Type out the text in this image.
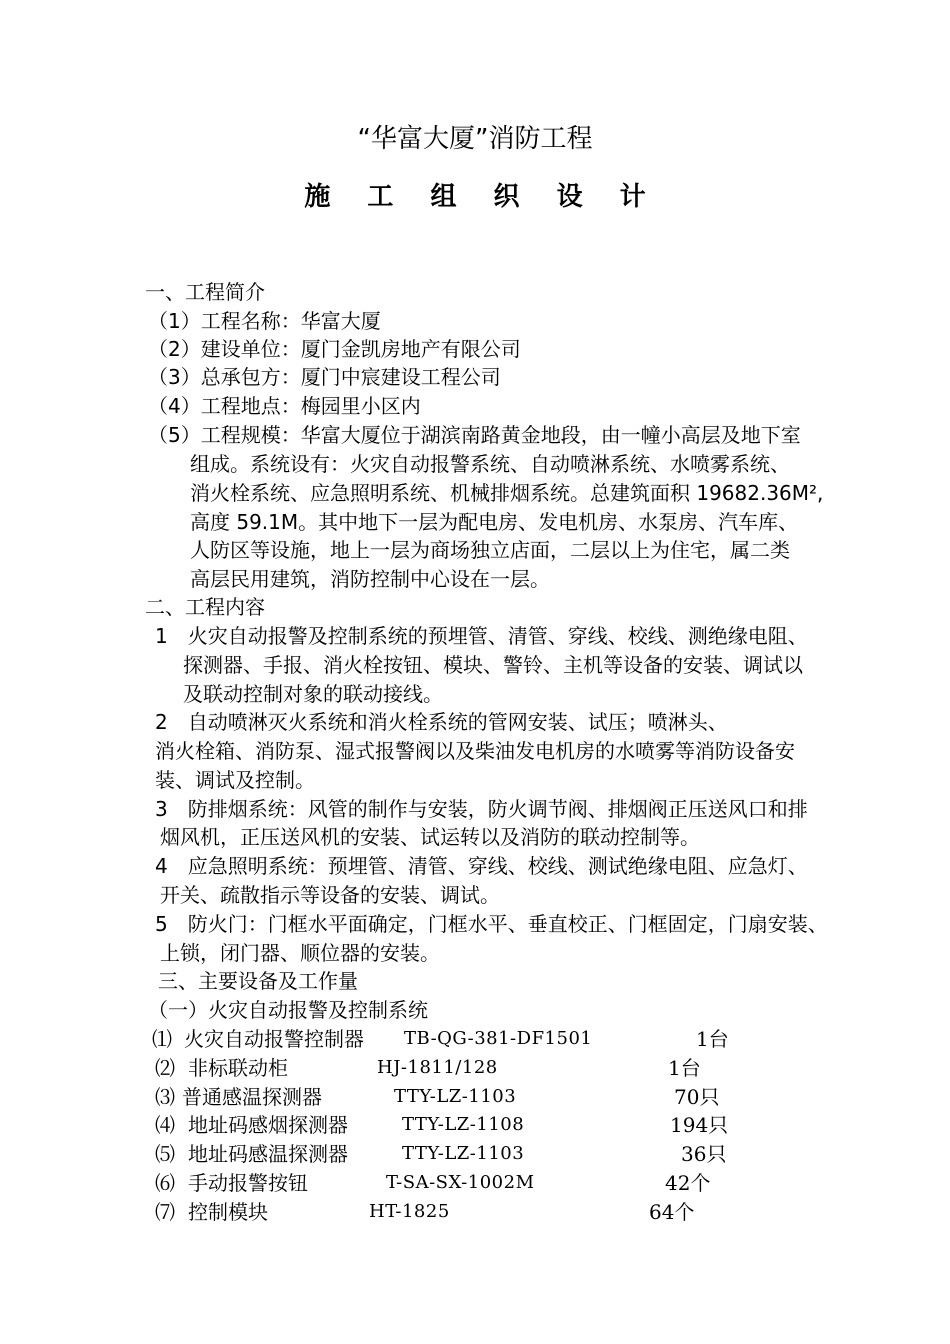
“华富大厦”消防工程
施 工 组 织 设 计
一、工程简介
（1）工程名称：华富大厦
（2）建设单位：厦门金凯房地产有限公司
（3）总承包方：厦门中宸建设工程公司
（4）工程地点：梅园里小区内
（5）工程规模：华富大厦位于湖滨南路黄金地段，由一幢小高层及地下室
组成。系统设有：火灾自动报警系统、自动喷淋系统、水喷雾系统、
消火栓系统、应急照明系统、机械排烟系统。总建筑面积 19682.36M²,
高度 59.1M。其中地下一层为配电房、发电机房、水泵房、汽车库、
人防区等设施，地上一层为商场独立店面，二层以上为住宅，属二类
高层民用建筑，消防控制中心设在一层。
二、工程内容
1　火灾自动报警及控制系统的预埋管、清管、穿线、校线、测绝缘电阻、
探测器、手报、消火栓按钮、模块、警铃、主机等设备的安装、调试以
及联动控制对象的联动接线。
2　自动喷淋灭火系统和消火栓系统的管网安装、试压；喷淋头、
消火栓箱、消防泵、湿式报警阀以及柴油发电机房的水喷雾等消防设备安
装、调试及控制。
3　防排烟系统：风管的制作与安装，防火调节阀、排烟阀正压送风口和排
烟风机，正压送风机的安装、试运转以及消防的联动控制等。
4　应急照明系统：预埋管、清管、穿线、校线、测试绝缘电阻、应急灯、
开关、疏散指示等设备的安装、调试。
5　防火门：门框水平面确定，门框水平、垂直校正、门框固定，门扇安装、
上锁，闭门器、顺位器的安装。
三、主要设备及工作量
（一）火灾自动报警及控制系统
⑴ 火灾自动报警控制器 TB-QG-381-DF1501	1台
⑵ 非标联动柜	HJ-1811/128	1台
⑶ 普通感温探测器	TTY-LZ-1103	70只
⑷ 地址码感烟探测器	TTY-LZ-1108	194只
⑸ 地址码感温探测器	TTY-LZ-1103	36只
⑹ 手动报警按钮	T-SA-SX-1002M	42个
⑺ 控制模块	HT-1825	64个
